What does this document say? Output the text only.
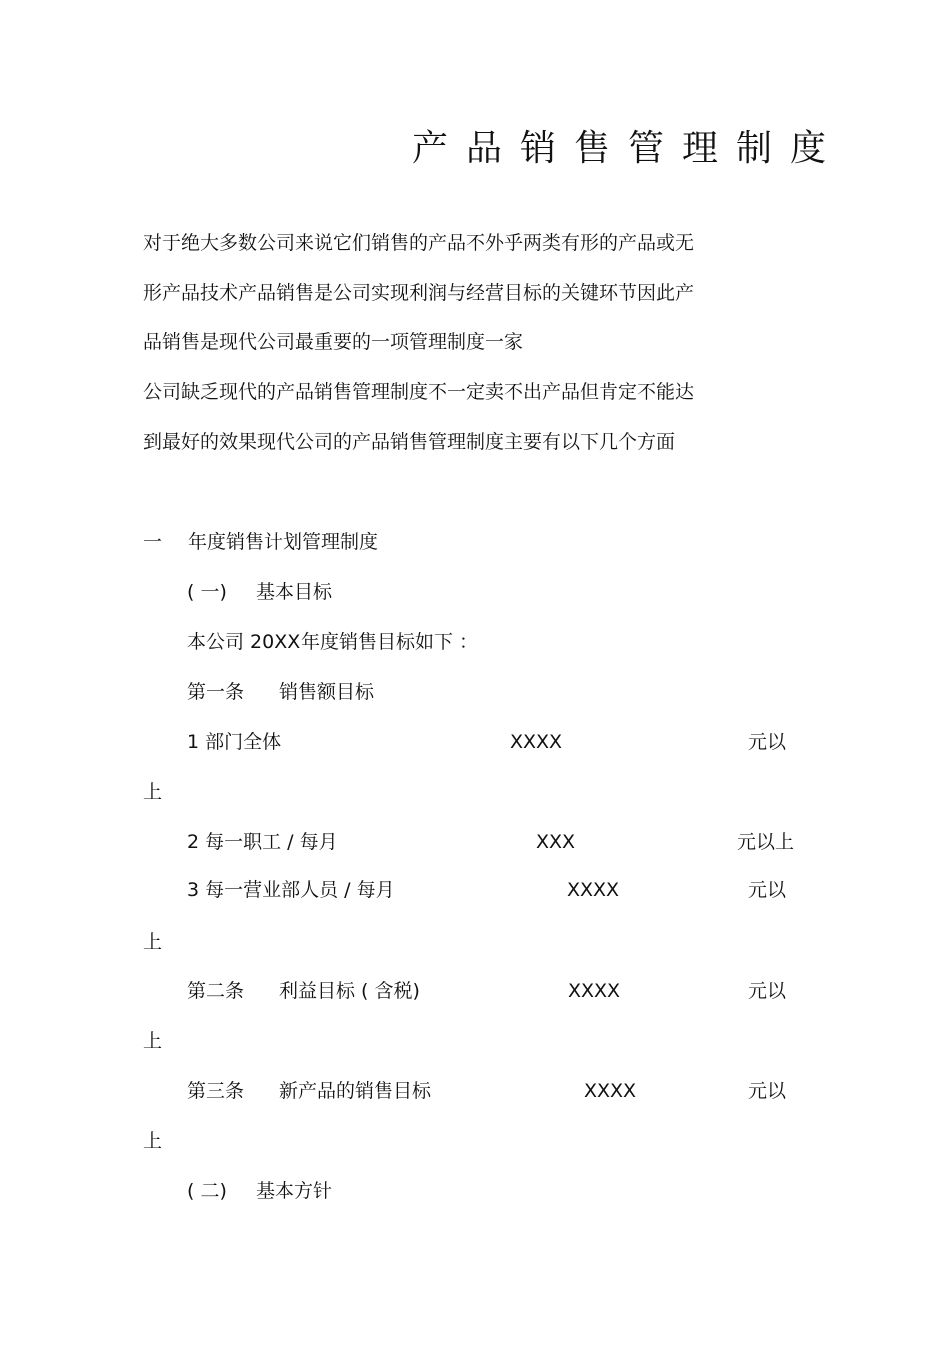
产品销售管理制度
对于绝大多数公司来说它们销售的产品不外乎两类有形的产品或无
形产品技术产品销售是公司实现利润与经营目标的关键环节因此产
品销售是现代公司最重要的一项管理制度一家
公司缺乏现代的产品销售管理制度不一定卖不出产品但肯定不能达
到最好的效果现代公司的产品销售管理制度主要有以下几个方面
一 年度销售计划管理制度
( 一) 基本目标
本公司 20XX 年度销售目标如下 ：
第一条 销售额目标
1 部门全体	XXXX	元以
上
2 每一职工 / 每月	XXX	元以上
3 每一营业部人员 / 每月	XXXX	元以
上
第二条 利益目标 ( 含税)	XXXX	元以
上
第三条 新产品的销售目标	XXXX	元以
上
( 二) 基本方针
